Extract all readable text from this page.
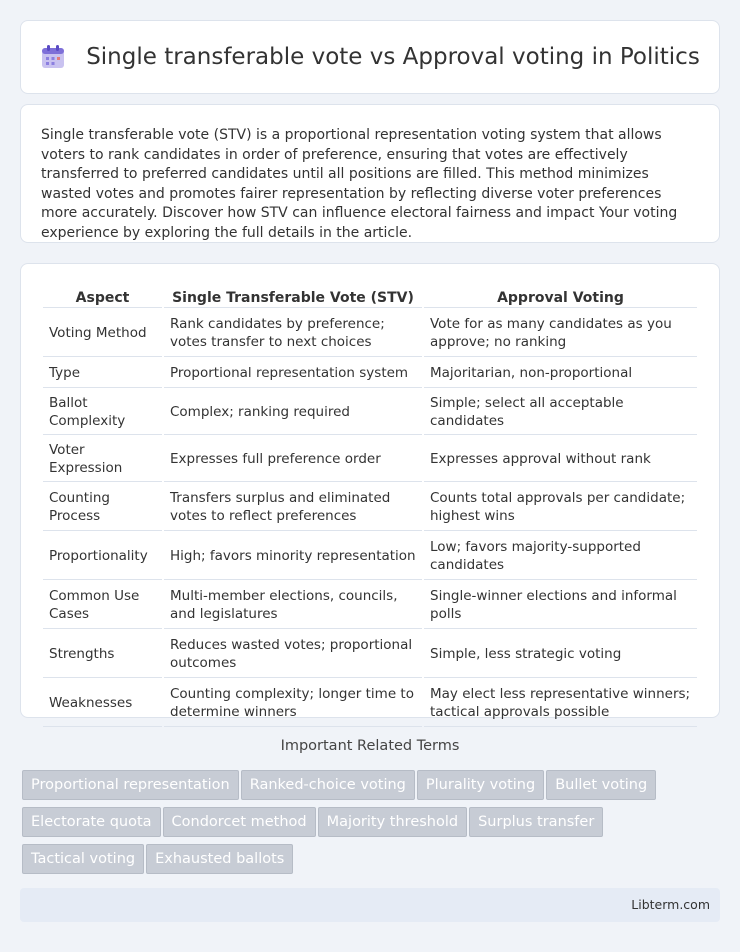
Single transferable vote vs Approval voting in Politics

Single transferable vote (STV) is a proportional representation voting system that allows voters to rank candidates in order of preference, ensuring that votes are effectively transferred to preferred candidates until all positions are filled. This method minimizes wasted votes and promotes fairer representation by reflecting diverse voter preferences more accurately. Discover how STV can influence electoral fairness and impact Your voting experience by exploring the full details in the article.

Aspect	Single Transferable Vote (STV)	Approval Voting
Voting Method	Rank candidates by preference; votes transfer to next choices	Vote for as many candidates as you approve; no ranking
Type	Proportional representation system	Majoritarian, non-proportional
Ballot Complexity	Complex; ranking required	Simple; select all acceptable candidates
Voter Expression	Expresses full preference order	Expresses approval without rank
Counting Process	Transfers surplus and eliminated votes to reflect preferences	Counts total approvals per candidate; highest wins
Proportionality	High; favors minority representation	Low; favors majority-supported candidates
Common Use Cases	Multi-member elections, councils, and legislatures	Single-winner elections and informal polls
Strengths	Reduces wasted votes; proportional outcomes	Simple, less strategic voting
Weaknesses	Counting complexity; longer time to determine winners	May elect less representative winners; tactical approvals possible
Important Related Terms
Proportional representation Ranked-choice voting Plurality voting Bullet voting
Electorate quota Condorcet method Majority threshold Surplus transfer
Tactical voting Exhausted ballots
Libterm.com
